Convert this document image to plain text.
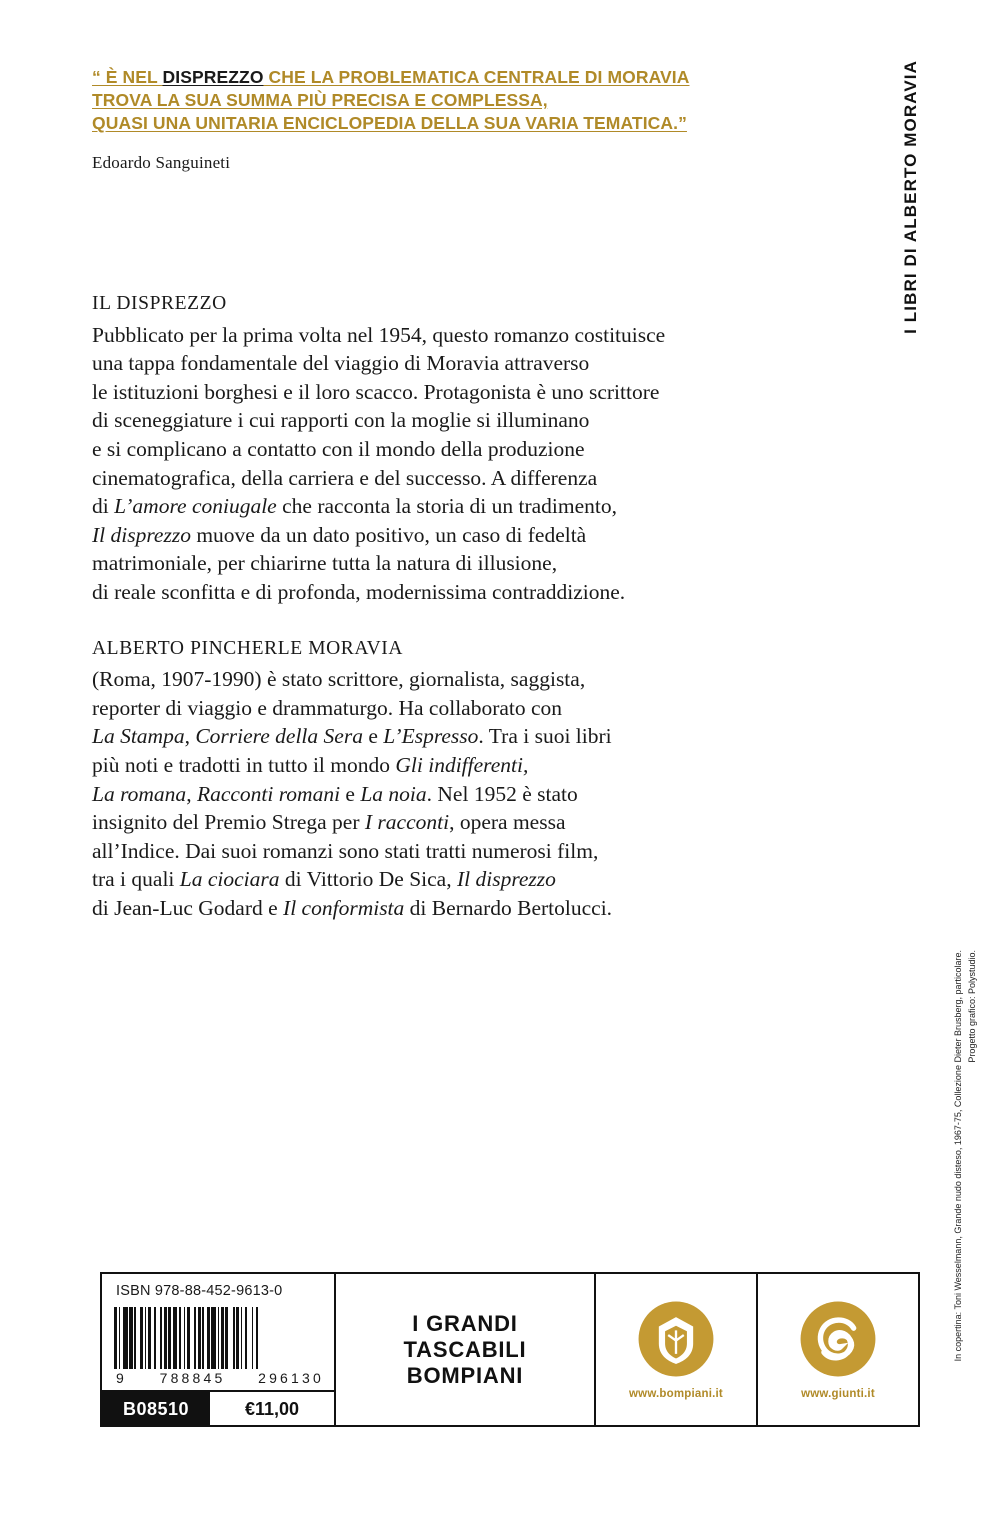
I LIBRI DI ALBERTO MORAVIA
In copertina: Toni Wesselmann, Grande nudo disteso, 1967-75, Collezione Dieter Brusberg, particolare. Progetto grafico: Polystudio.

“ È NEL DISPREZZO CHE LA PROBLEMATICA CENTRALE DI MORAVIA

TROVA LA SUA SUMMA PIÙ PRECISA E COMPLESSA,

QUASI UNA UNITARIA ENCICLOPEDIA DELLA SUA VARIA TEMATICA.”

Edoardo Sanguineti

IL DISPREZZO

Pubblicato per la prima volta nel 1954, questo romanzo costituisce
una tappa fondamentale del viaggio di Moravia attraverso
le istituzioni borghesi e il loro scacco. Protagonista è uno scrittore
di sceneggiature i cui rapporti con la moglie si illuminano
e si complicano a contatto con il mondo della produzione
cinematografica, della carriera e del successo. A differenza
di L’amore coniugale che racconta la storia di un tradimento,
Il disprezzo muove da un dato positivo, un caso di fedeltà
matrimoniale, per chiarirne tutta la natura di illusione,
di reale sconfitta e di profonda, modernissima contraddizione.

ALBERTO PINCHERLE MORAVIA

(Roma, 1907-1990) è stato scrittore, giornalista, saggista,
reporter di viaggio e drammaturgo. Ha collaborato con
La Stampa, Corriere della Sera e L’Espresso. Tra i suoi libri
più noti e tradotti in tutto il mondo Gli indifferenti,
La romana, Racconti romani e La noia. Nel 1952 è stato
insignito del Premio Strega per I racconti, opera messa
all’Indice. Dai suoi romanzi sono stati tratti numerosi film,
tra i quali La ciociara di Vittorio De Sica, Il disprezzo
di Jean-Luc Godard e Il conformista di Bernardo Bertolucci.

ISBN 978-88-452-9613-0
9 788845 296130
B08510	€11,00
I GRANDI
TASCABILI
BOMPIANI
www.bompiani.it	www.giunti.it
